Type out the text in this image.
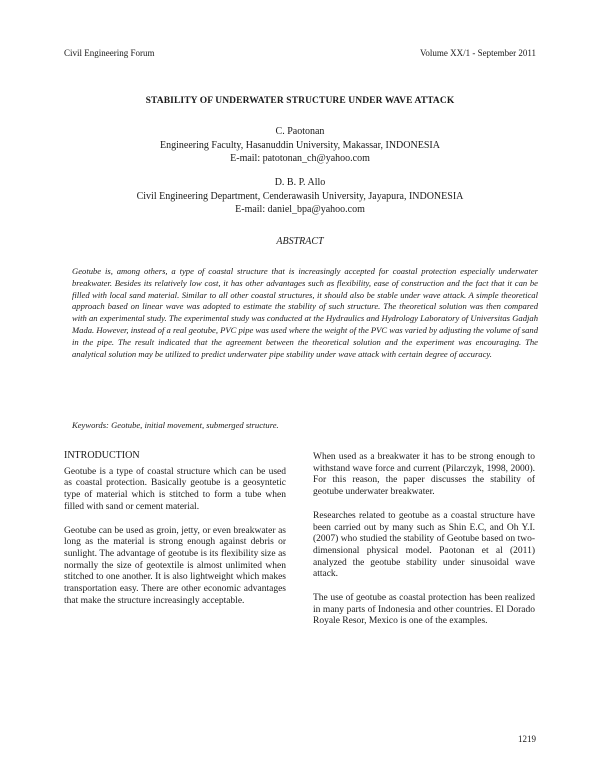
Civil Engineering Forum	Volume XX/1 - September 2011
STABILITY OF UNDERWATER STRUCTURE UNDER WAVE ATTACK
C. Paotonan
Engineering Faculty, Hasanuddin University, Makassar, INDONESIA
E-mail: patotonan_ch@yahoo.com
D. B. P. Allo
Civil Engineering Department, Cenderawasih University, Jayapura, INDONESIA
E-mail: daniel_bpa@yahoo.com
ABSTRACT
Geotube is, among others, a type of coastal structure that is increasingly accepted for coastal protection especially underwater breakwater. Besides its relatively low cost, it has other advantages such as flexibility, ease of construction and the fact that it can be filled with local sand material. Similar to all other coastal structures, it should also be stable under wave attack. A simple theoretical approach based on linear wave was adopted to estimate the stability of such structure. The theoretical solution was then compared with an experimental study. The experimental study was conducted at the Hydraulics and Hydrology Laboratory of Universitas Gadjah Mada. However, instead of a real geotube, PVC pipe was used where the weight of the PVC was varied by adjusting the volume of sand in the pipe. The result indicated that the agreement between the theoretical solution and the experiment was encouraging. The analytical solution may be utilized to predict underwater pipe stability under wave attack with certain degree of accuracy.
Keywords: Geotube, initial movement, submerged structure.
INTRODUCTION

Geotube is a type of coastal structure which can be used as coastal protection. Basically geotube is a geosyntetic type of material which is stitched to form a tube when filled with sand or cement material.

Geotube can be used as groin, jetty, or even breakwater as long as the material is strong enough against debris or sunlight. The advantage of geotube is its flexibility size as normally the size of geotextile is almost unlimited when stitched to one another. It is also lightweight which makes transportation easy. There are other economic advantages that make the structure increasingly acceptable.

When used as a breakwater it has to be strong enough to withstand wave force and current (Pilarczyk, 1998, 2000). For this reason, the paper discusses the stability of geotube underwater breakwater.

Researches related to geotube as a coastal structure have been carried out by many such as Shin E.C, and Oh Y.I. (2007) who studied the stability of Geotube based on two-dimensional physical model. Paotonan et al (2011) analyzed the geotube stability under sinusoidal wave attack.

The use of geotube as coastal protection has been realized in many parts of Indonesia and other countries. El Dorado Royale Resor, Mexico is one of the examples.

1219
